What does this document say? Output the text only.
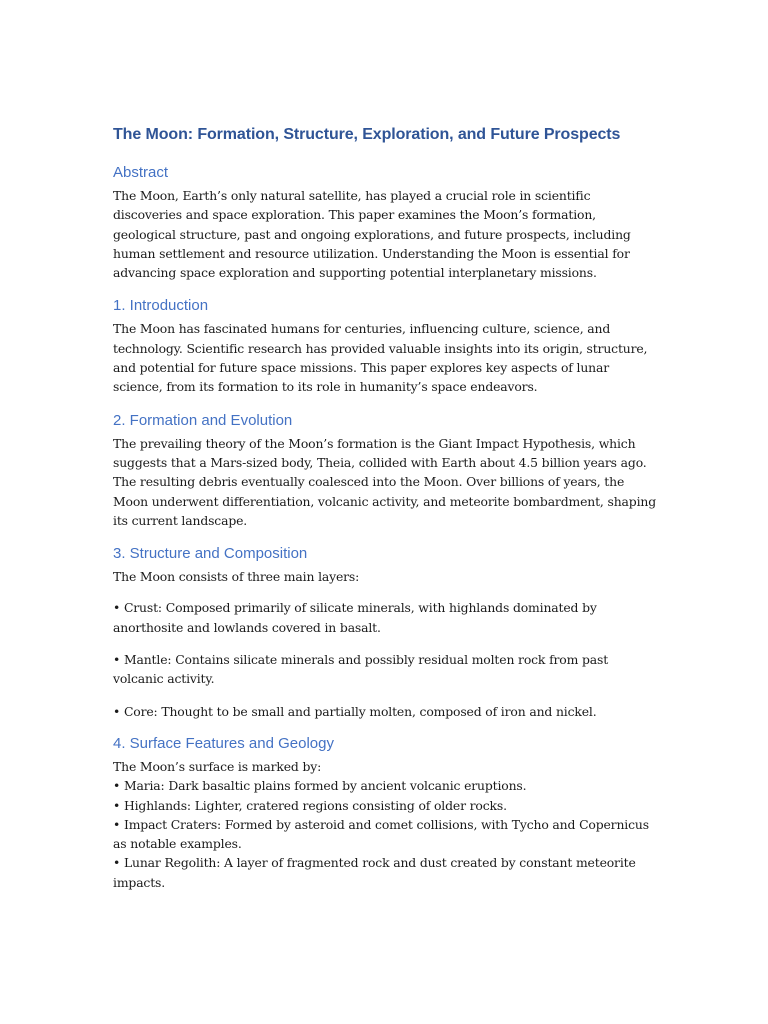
The Moon: Formation, Structure, Exploration, and Future Prospects
Abstract

The Moon, Earth’s only natural satellite, has played a crucial role in scientific discoveries and space exploration. This paper examines the Moon’s formation, geological structure, past and ongoing explorations, and future prospects, including human settlement and resource utilization. Understanding the Moon is essential for advancing space exploration and supporting potential interplanetary missions.

1. Introduction

The Moon has fascinated humans for centuries, influencing culture, science, and technology. Scientific research has provided valuable insights into its origin, structure, and potential for future space missions. This paper explores key aspects of lunar science, from its formation to its role in humanity’s space endeavors.

2. Formation and Evolution

The prevailing theory of the Moon’s formation is the Giant Impact Hypothesis, which suggests that a Mars-sized body, Theia, collided with Earth about 4.5 billion years ago. The resulting debris eventually coalesced into the Moon. Over billions of years, the Moon underwent differentiation, volcanic activity, and meteorite bombardment, shaping its current landscape.

3. Structure and Composition

The Moon consists of three main layers:

• Crust: Composed primarily of silicate minerals, with highlands dominated by anorthosite and lowlands covered in basalt.

• Mantle: Contains silicate minerals and possibly residual molten rock from past volcanic activity.

• Core: Thought to be small and partially molten, composed of iron and nickel.

4. Surface Features and Geology
The Moon’s surface is marked by:
• Maria: Dark basaltic plains formed by ancient volcanic eruptions.
• Highlands: Lighter, cratered regions consisting of older rocks.
• Impact Craters: Formed by asteroid and comet collisions, with Tycho and Copernicus as notable examples.
• Lunar Regolith: A layer of fragmented rock and dust created by constant meteorite impacts.
